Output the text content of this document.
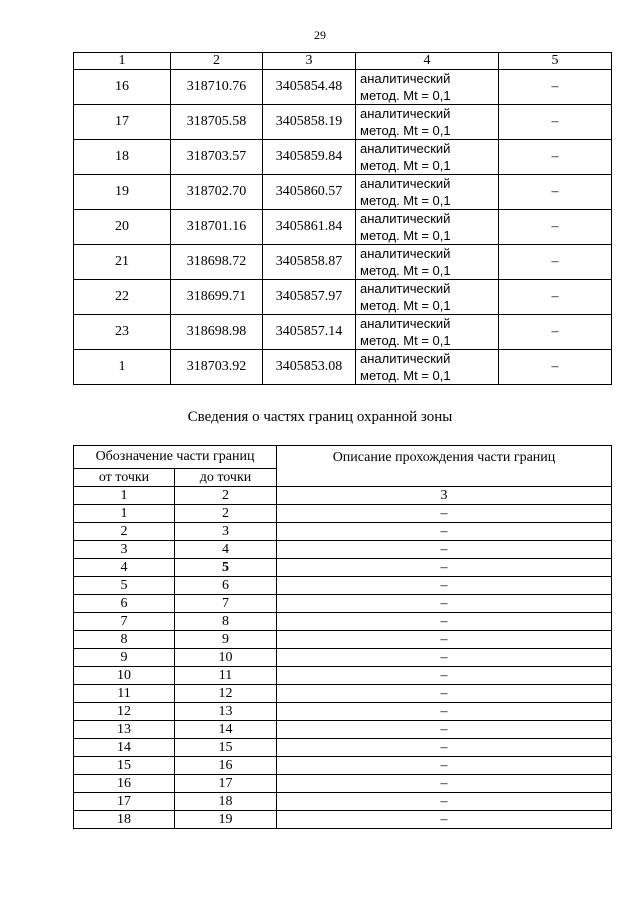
29
1	2	3	4	5
16	318710.76	3405854.48	аналитический
метод. Mt = 0,1	–
17	318705.58	3405858.19	аналитический
метод. Mt = 0,1	–
18	318703.57	3405859.84	аналитический
метод. Mt = 0,1	–
19	318702.70	3405860.57	аналитический
метод. Mt = 0,1	–
20	318701.16	3405861.84	аналитический
метод. Mt = 0,1	–
21	318698.72	3405858.87	аналитический
метод. Mt = 0,1	–
22	318699.71	3405857.97	аналитический
метод. Mt = 0,1	–
23	318698.98	3405857.14	аналитический
метод. Mt = 0,1	–
1	318703.92	3405853.08	аналитический
метод. Mt = 0,1	–
Сведения о частях границ охранной зоны
Обозначение части границ		Описание прохождения части границ
от точки	до точки	
1	2	3
1	2	–
2	3	–
3	4	–
4	5	–
5	6	–
6	7	–
7	8	–
8	9	–
9	10	–
10	11	–
11	12	–
12	13	–
13	14	–
14	15	–
15	16	–
16	17	–
17	18	–
18	19	–
